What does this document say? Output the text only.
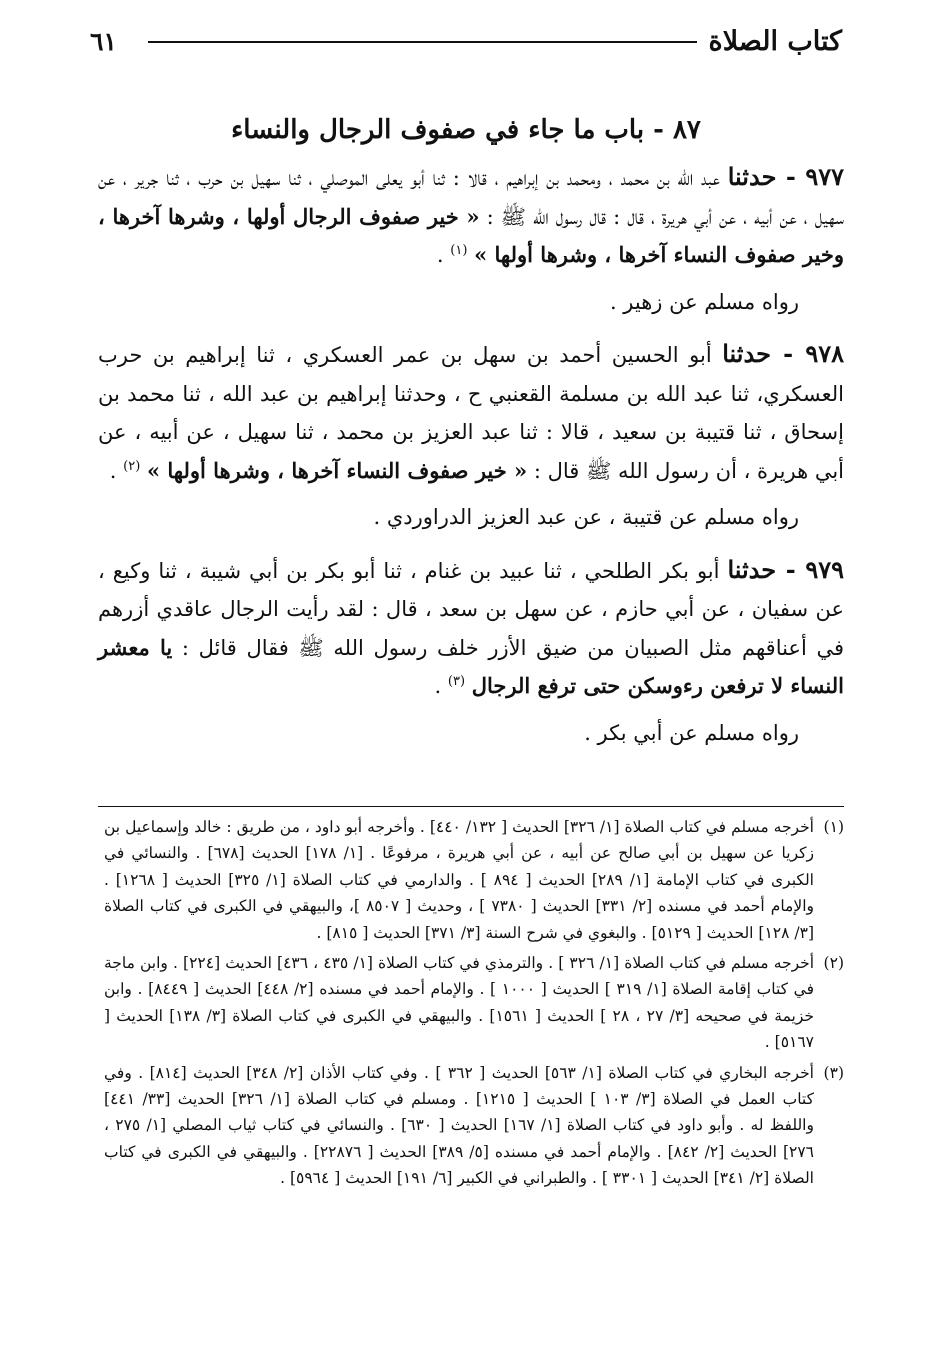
كتاب الصلاة
٦١
٨٧ - باب ما جاء في صفوف الرجال والنساء

٩٧٧ - حدثنا عبد الله بن محمد ، ومحمد بن إبراهيم ، قالا : ثنا أبو يعلى الموصلي ، ثنا سهيل بن حرب ، ثنا جرير ، عن سهيل ، عن أبيه ، عن أبي هريرة ، قال : قال رسول الله ﷺ : « خير صفوف الرجال أولها ، وشرها آخرها ، وخير صفوف النساء آخرها ، وشرها أولها » $^{(١)}$ .

رواه مسلم عن زهير .

٩٧٨ - حدثنا أبو الحسين أحمد بن سهل بن عمر العسكري ، ثنا إبراهيم بن حرب العسكري، ثنا عبد الله بن مسلمة القعنبي ح ، وحدثنا إبراهيم بن عبد الله ، ثنا محمد بن إسحاق ، ثنا قتيبة بن سعيد ، قالا : ثنا عبد العزيز بن محمد ، ثنا سهيل ، عن أبيه ، عن أبي هريرة ، أن رسول الله ﷺ قال : « خير صفوف النساء آخرها ، وشرها أولها » $^{(٢)}$ .

رواه مسلم عن قتيبة ، عن عبد العزيز الدراوردي .

٩٧٩ - حدثنا أبو بكر الطلحي ، ثنا عبيد بن غنام ، ثنا أبو بكر بن أبي شيبة ، ثنا وكيع ، عن سفيان ، عن أبي حازم ، عن سهل بن سعد ، قال : لقد رأيت الرجال عاقدي أزرهم في أعناقهم مثل الصبيان من ضيق الأزر خلف رسول الله ﷺ فقال قائل : يا معشر النساء لا ترفعن رءوسكن حتى ترفع الرجال $^{(٣)}$ .

رواه مسلم عن أبي بكر .

(١)
أخرجه مسلم في كتاب الصلاة [١/ ٣٢٦] الحديث [ ١٣٢/ ٤٤٠] . وأخرجه أبو داود ، من طريق : خالد وإسماعيل بن زكريا عن سهيل بن أبي صالح عن أبيه ، عن أبي هريرة ، مرفوعًا . [١/ ١٧٨] الحديث [٦٧٨] . والنسائي في الكبرى في كتاب الإمامة [١/ ٢٨٩] الحديث [ ٨٩٤ ] . والدارمي في كتاب الصلاة [١/ ٣٢٥] الحديث [ ١٢٦٨] . والإمام أحمد في مسنده [٢/ ٣٣١] الحديث [ ٧٣٨٠ ] ، وحديث [ ٨٥٠٧ ]، والبيهقي في الكبرى في كتاب الصلاة [٣/ ١٢٨] الحديث [ ٥١٢٩] . والبغوي في شرح السنة [٣/ ٣٧١] الحديث [ ٨١٥] .

(٢)
أخرجه مسلم في كتاب الصلاة [١/ ٣٢٦ ] . والترمذي في كتاب الصلاة [١/ ٤٣٥ ، ٤٣٦] الحديث [٢٢٤] . وابن ماجة في كتاب إقامة الصلاة [١/ ٣١٩ ] الحديث [ ١٠٠٠ ] . والإمام أحمد في مسنده [٢/ ٤٤٨] الحديث [ ٨٤٤٩] . وابن خزيمة في صحيحه [٣/ ٢٧ ، ٢٨ ] الحديث [ ١٥٦١] . والبيهقي في الكبرى في كتاب الصلاة [٣/ ١٣٨] الحديث [ ٥١٦٧] .

(٣)
أخرجه البخاري في كتاب الصلاة [١/ ٥٦٣] الحديث [ ٣٦٢ ] . وفي كتاب الأذان [٢/ ٣٤٨] الحديث [٨١٤] . وفي كتاب العمل في الصلاة [٣/ ١٠٣ ] الحديث [ ١٢١٥] . ومسلم في كتاب الصلاة [١/ ٣٢٦] الحديث [٣٣/ ٤٤١] واللفظ له . وأبو داود في كتاب الصلاة [١/ ١٦٧] الحديث [ ٦٣٠] . والنسائي في كتاب ثياب المصلي [١/ ٢٧٥ ، ٢٧٦] الحديث [٢/ ٨٤٢] . والإمام أحمد في مسنده [٥/ ٣٨٩] الحديث [ ٢٢٨٧٦] . والبيهقي في الكبرى في كتاب الصلاة [٢/ ٣٤١] الحديث [ ٣٣٠١ ] . والطبراني في الكبير [٦/ ١٩١] الحديث [ ٥٩٦٤] .
